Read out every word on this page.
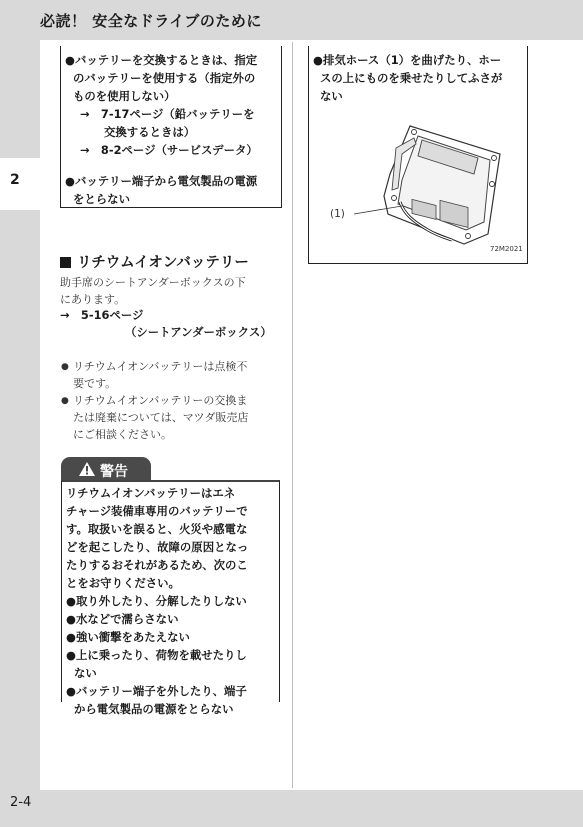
必読！ 安全なドライブのために
2
2-4
●バッテリーを交換するときは、指定
のバッテリーを使用する（指定外の
ものを使用しない）
→　7-17ページ（鉛バッテリーを
交換するときは）
→　8-2ページ（サービスデータ）
●バッテリー端子から電気製品の電源
をとらない
●排気ホース（1）を曲げたり、ホー
スの上にものを乗せたりしてふさが
ない
(1)
72M2021
リチウムイオンバッテリー
助手席のシートアンダーボックスの下
にあります。
→　5-16ページ
（シートアンダーボックス）
● リチウムイオンバッテリーは点検不
要です。
● リチウムイオンバッテリーの交換ま
たは廃棄については、マツダ販売店
にご相談ください。
警告
リチウムイオンバッテリーはエネ
チャージ装備車専用のバッテリーで
す。取扱いを誤ると、火災や感電な
どを起こしたり、故障の原因となっ
たりするおそれがあるため、次のこ
とをお守りください。
●取り外したり、分解したりしない
●水などで濡らさない
●強い衝撃をあたえない
●上に乗ったり、荷物を載せたりし
ない
●バッテリー端子を外したり、端子
から電気製品の電源をとらない
